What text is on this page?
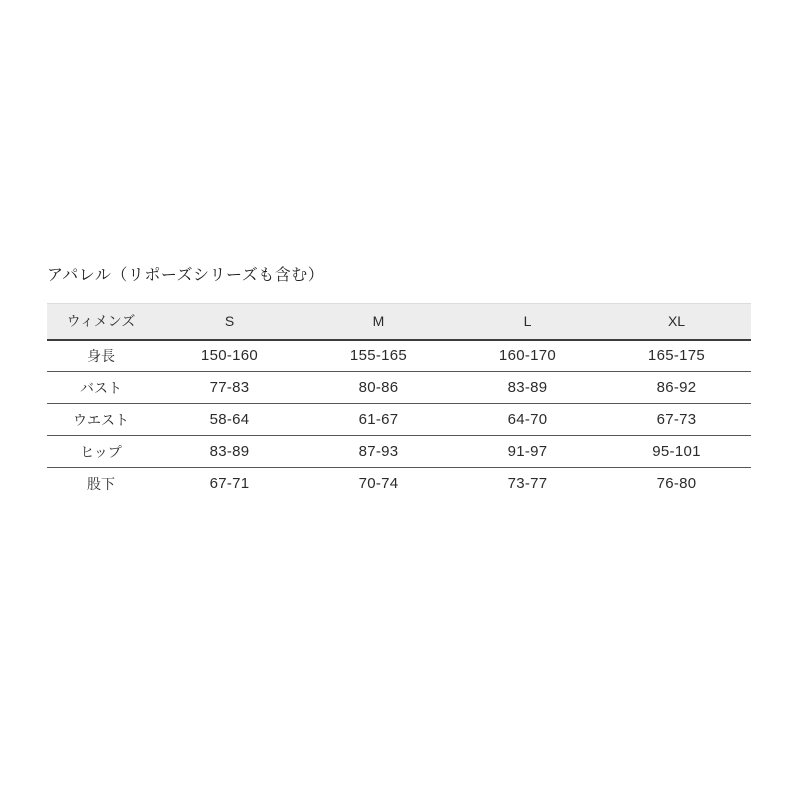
アパレル（リポーズシリーズも含む）
ウィメンズ	S	M	L	XL
身長	150-160	155-165	160-170	165-175
バスト	77-83	80-86	83-89	86-92
ウエスト	58-64	61-67	64-70	67-73
ヒップ	83-89	87-93	91-97	95-101
股下	67-71	70-74	73-77	76-80
